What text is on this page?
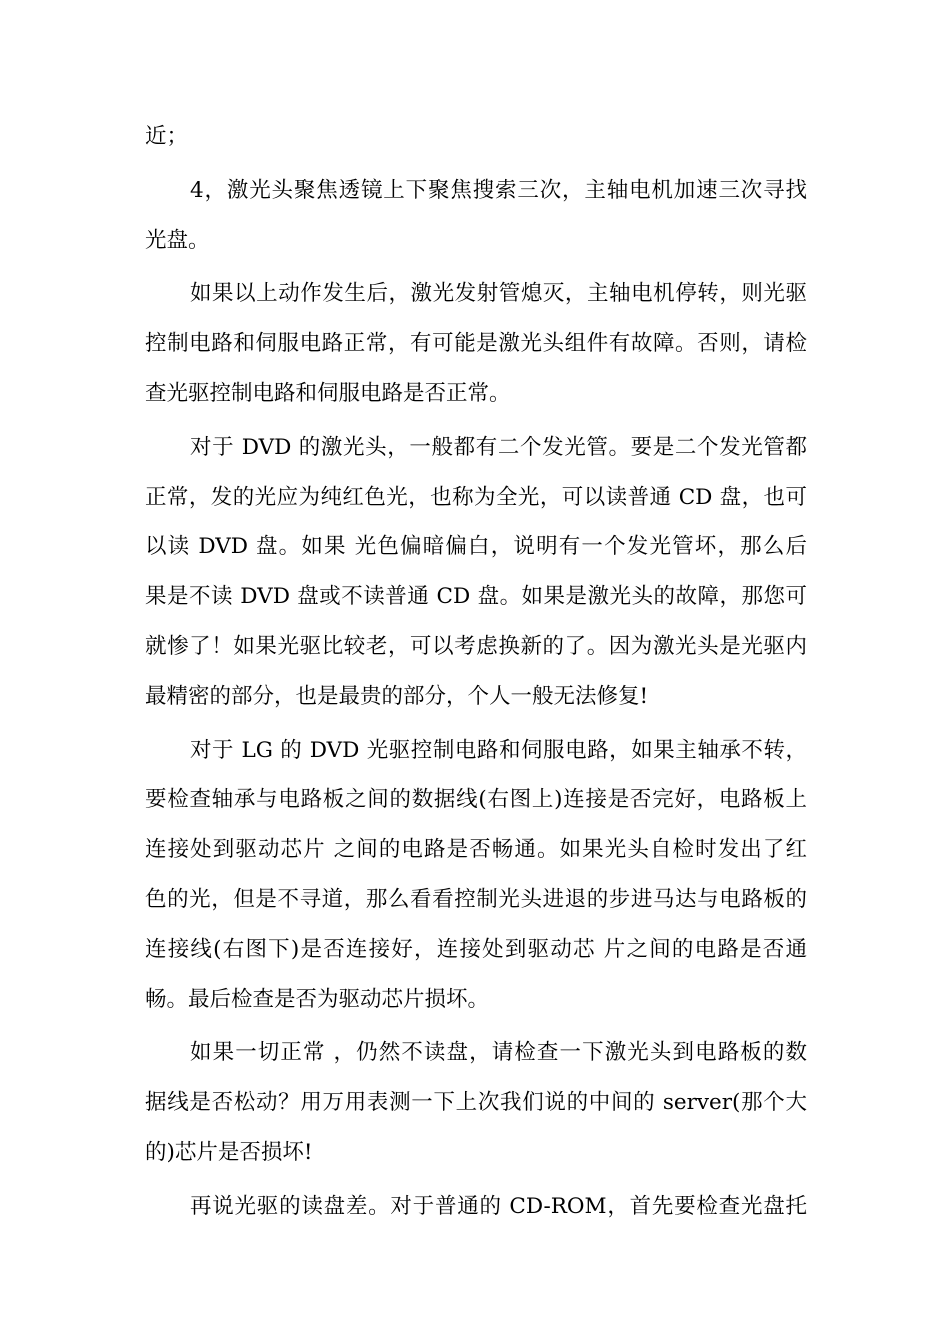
近；
4，激光头聚焦透镜上下聚焦搜索三次，主轴电机加速三次寻找
光盘。
如果以上动作发生后，激光发射管熄灭，主轴电机停转，则光驱
控制电路和伺服电路正常，有可能是激光头组件有故障。否则，请检
查光驱控制电路和伺服电路是否正常。
对于 DVD 的激光头，一般都有二个发光管。要是二个发光管都
正常，发的光应为纯红色光，也称为全光，可以读普通 CD 盘，也可
以读 DVD 盘。如果 光色偏暗偏白，说明有一个发光管坏，那么后
果是不读 DVD 盘或不读普通 CD 盘。如果是激光头的故障，那您可
就惨了！如果光驱比较老，可以考虑换新的了。因为激光头是光驱内
最精密的部分，也是最贵的部分，个人一般无法修复!
对于 LG 的 DVD 光驱控制电路和伺服电路，如果主轴承不转，
要检查轴承与电路板之间的数据线(右图上)连接是否完好，电路板上
连接处到驱动芯片 之间的电路是否畅通。如果光头自检时发出了红
色的光，但是不寻道，那么看看控制光头进退的步进马达与电路板的
连接线(右图下)是否连接好，连接处到驱动芯 片之间的电路是否通
畅。最后检查是否为驱动芯片损坏。
如果一切正常 ，仍然不读盘，请检查一下激光头到电路板的数
据线是否松动？用万用表测一下上次我们说的中间的 server(那个大
的)芯片是否损坏!
再说光驱的读盘差。对于普通的 CD-ROM，首先要检查光盘托
